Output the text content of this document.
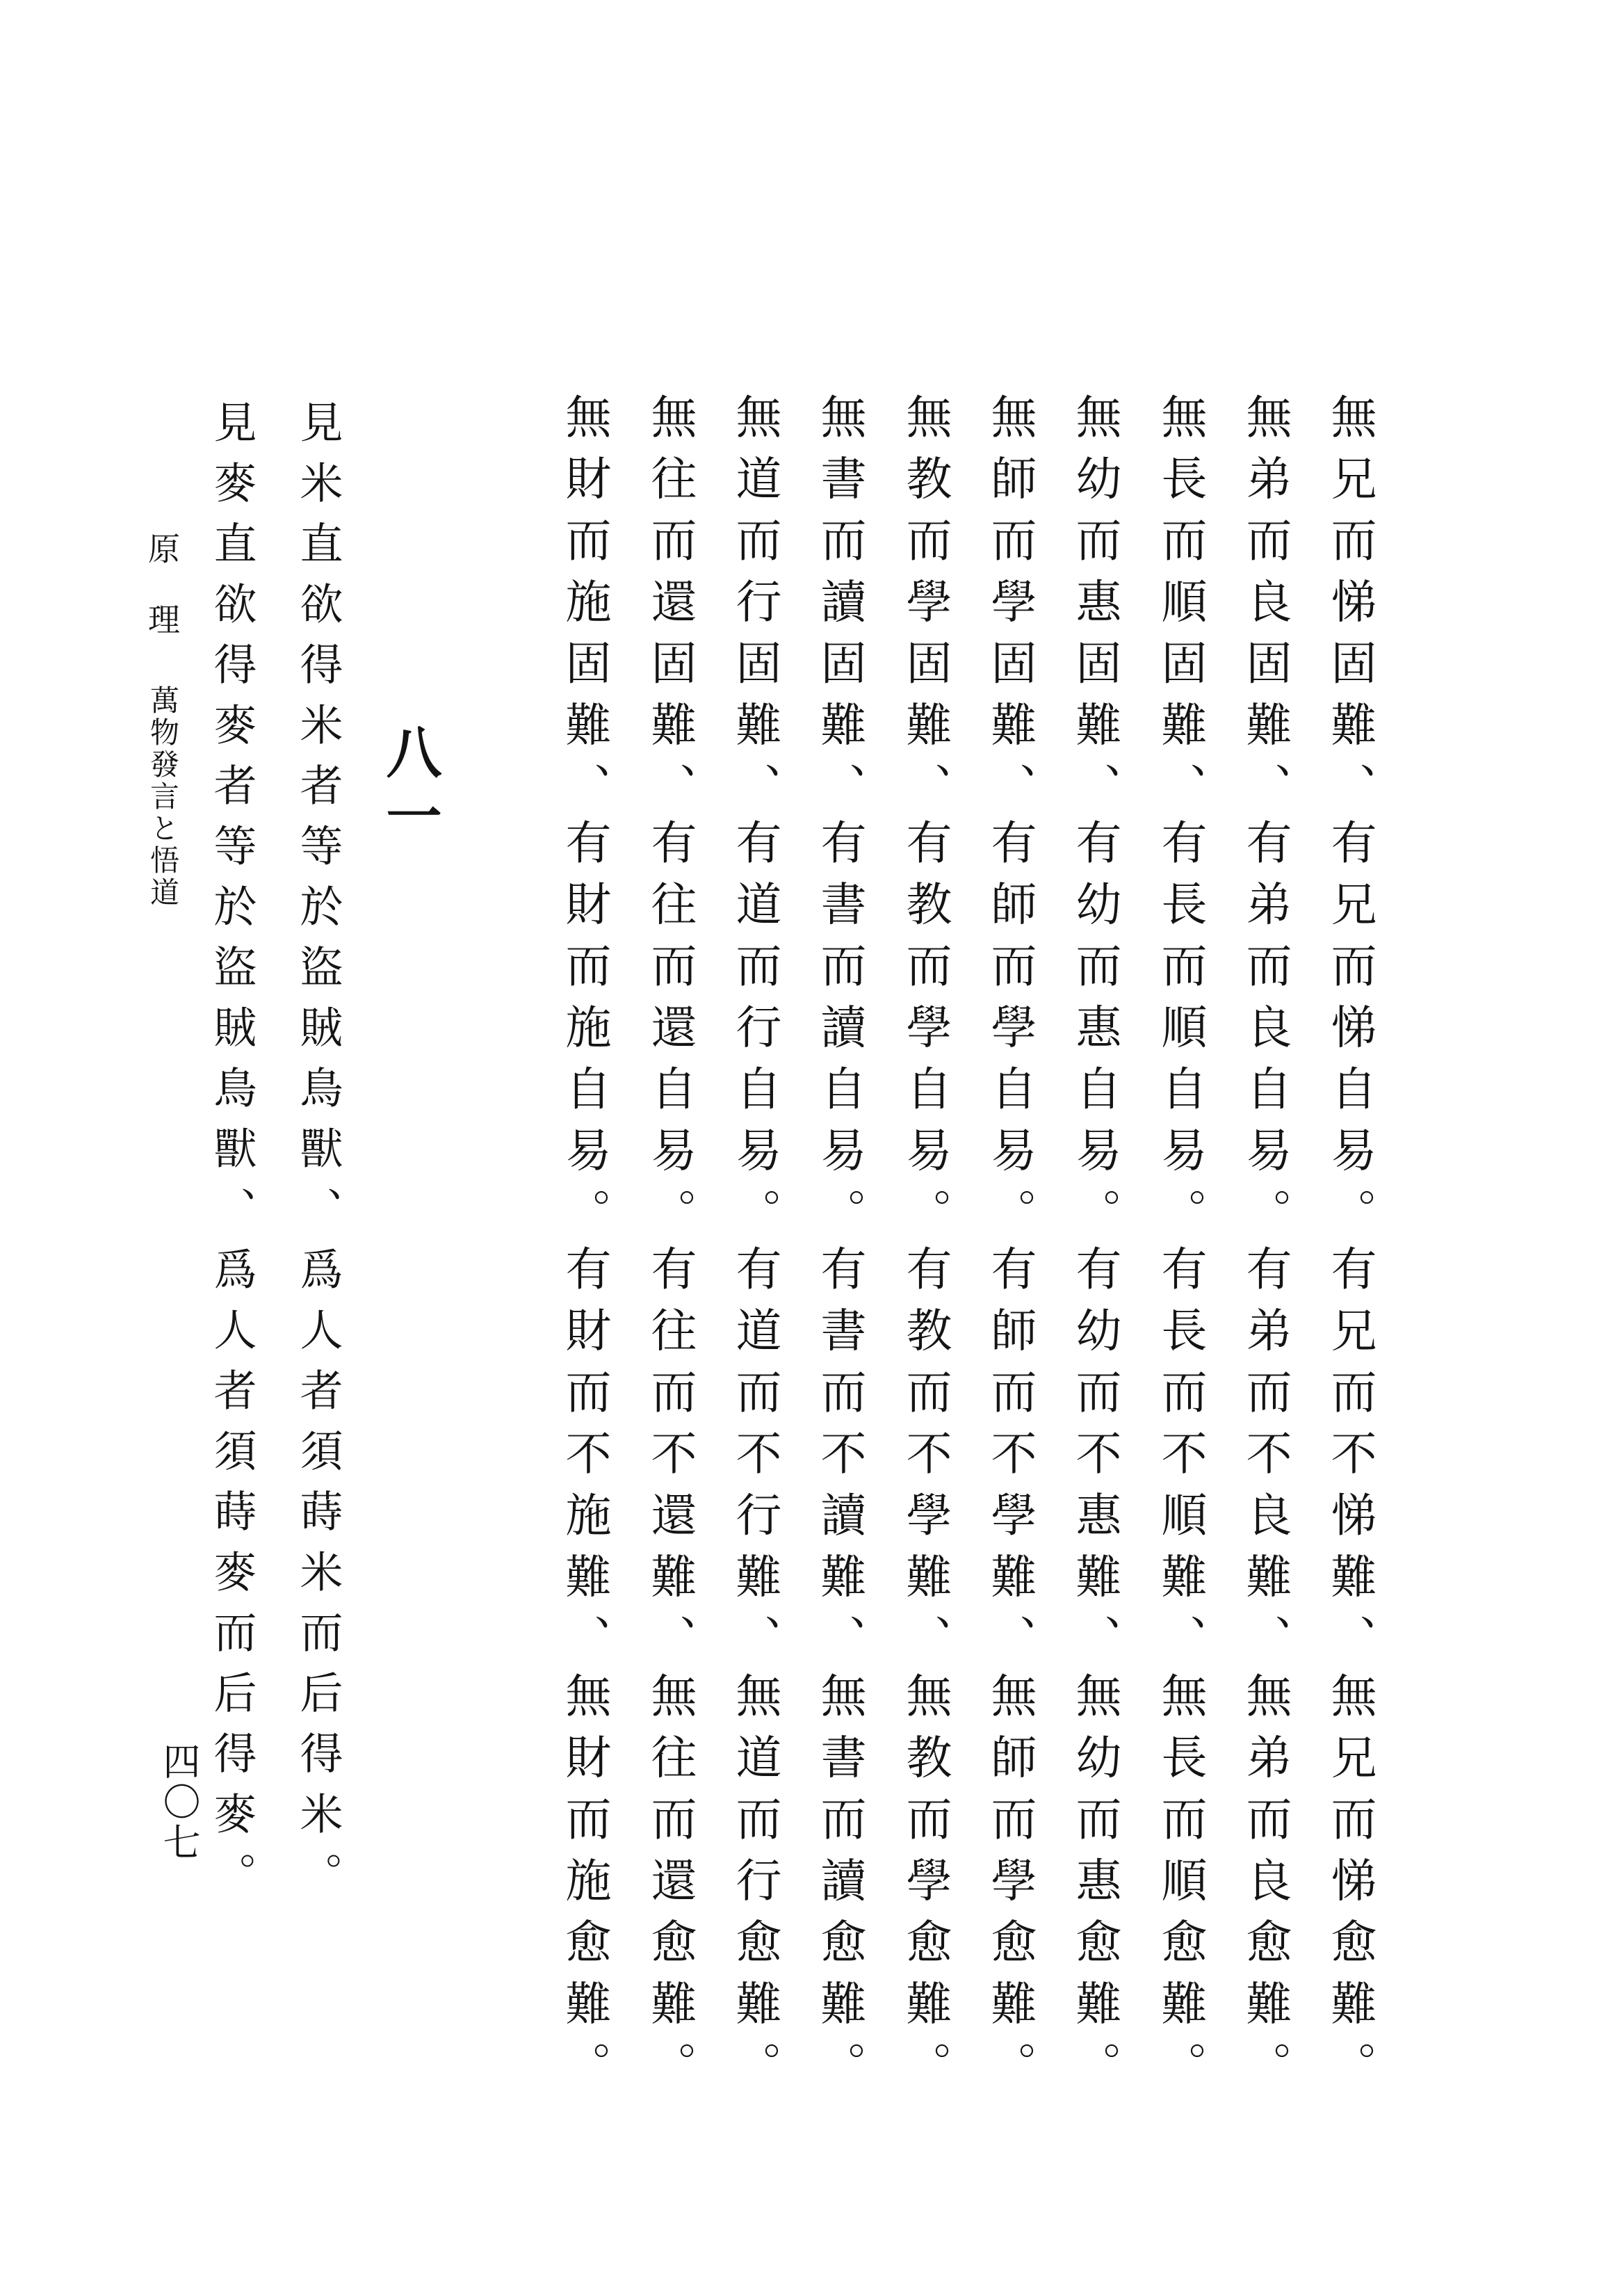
無兄而悌固難、
無弟而良固難、
無長而順固難、
無幼而惠固難、
無師而學固難、
無教而學固難、
無書而讀固難、
無道而行固難、
無往而還固難、
無財而施固難、
有兄而悌自易。
有弟而良自易。
有長而順自易。
有幼而惠自易。
有師而學自易。
有教而學自易。
有書而讀自易。
有道而行自易。
有往而還自易。
有財而施自易。
有兄而不悌難、
有弟而不良難、
有長而不順難、
有幼而不惠難、
有師而不學難、
有教而不學難、
有書而不讀難、
有道而不行難、
有往而不還難、
有財而不施難、
無兄而悌愈難。
無弟而良愈難。
無長而順愈難。
無幼而惠愈難。
無師而學愈難。
無教而學愈難。
無書而讀愈難。
無道而行愈難。
無往而還愈難。
無財而施愈難。
八一
見米直欲得米者等於盜賊鳥獸、爲人者須蒔米而后得米。
見麥直欲得麥者等於盜賊鳥獸、爲人者須蒔麥而后得麥。
原理
萬物發言と悟道
四〇七
